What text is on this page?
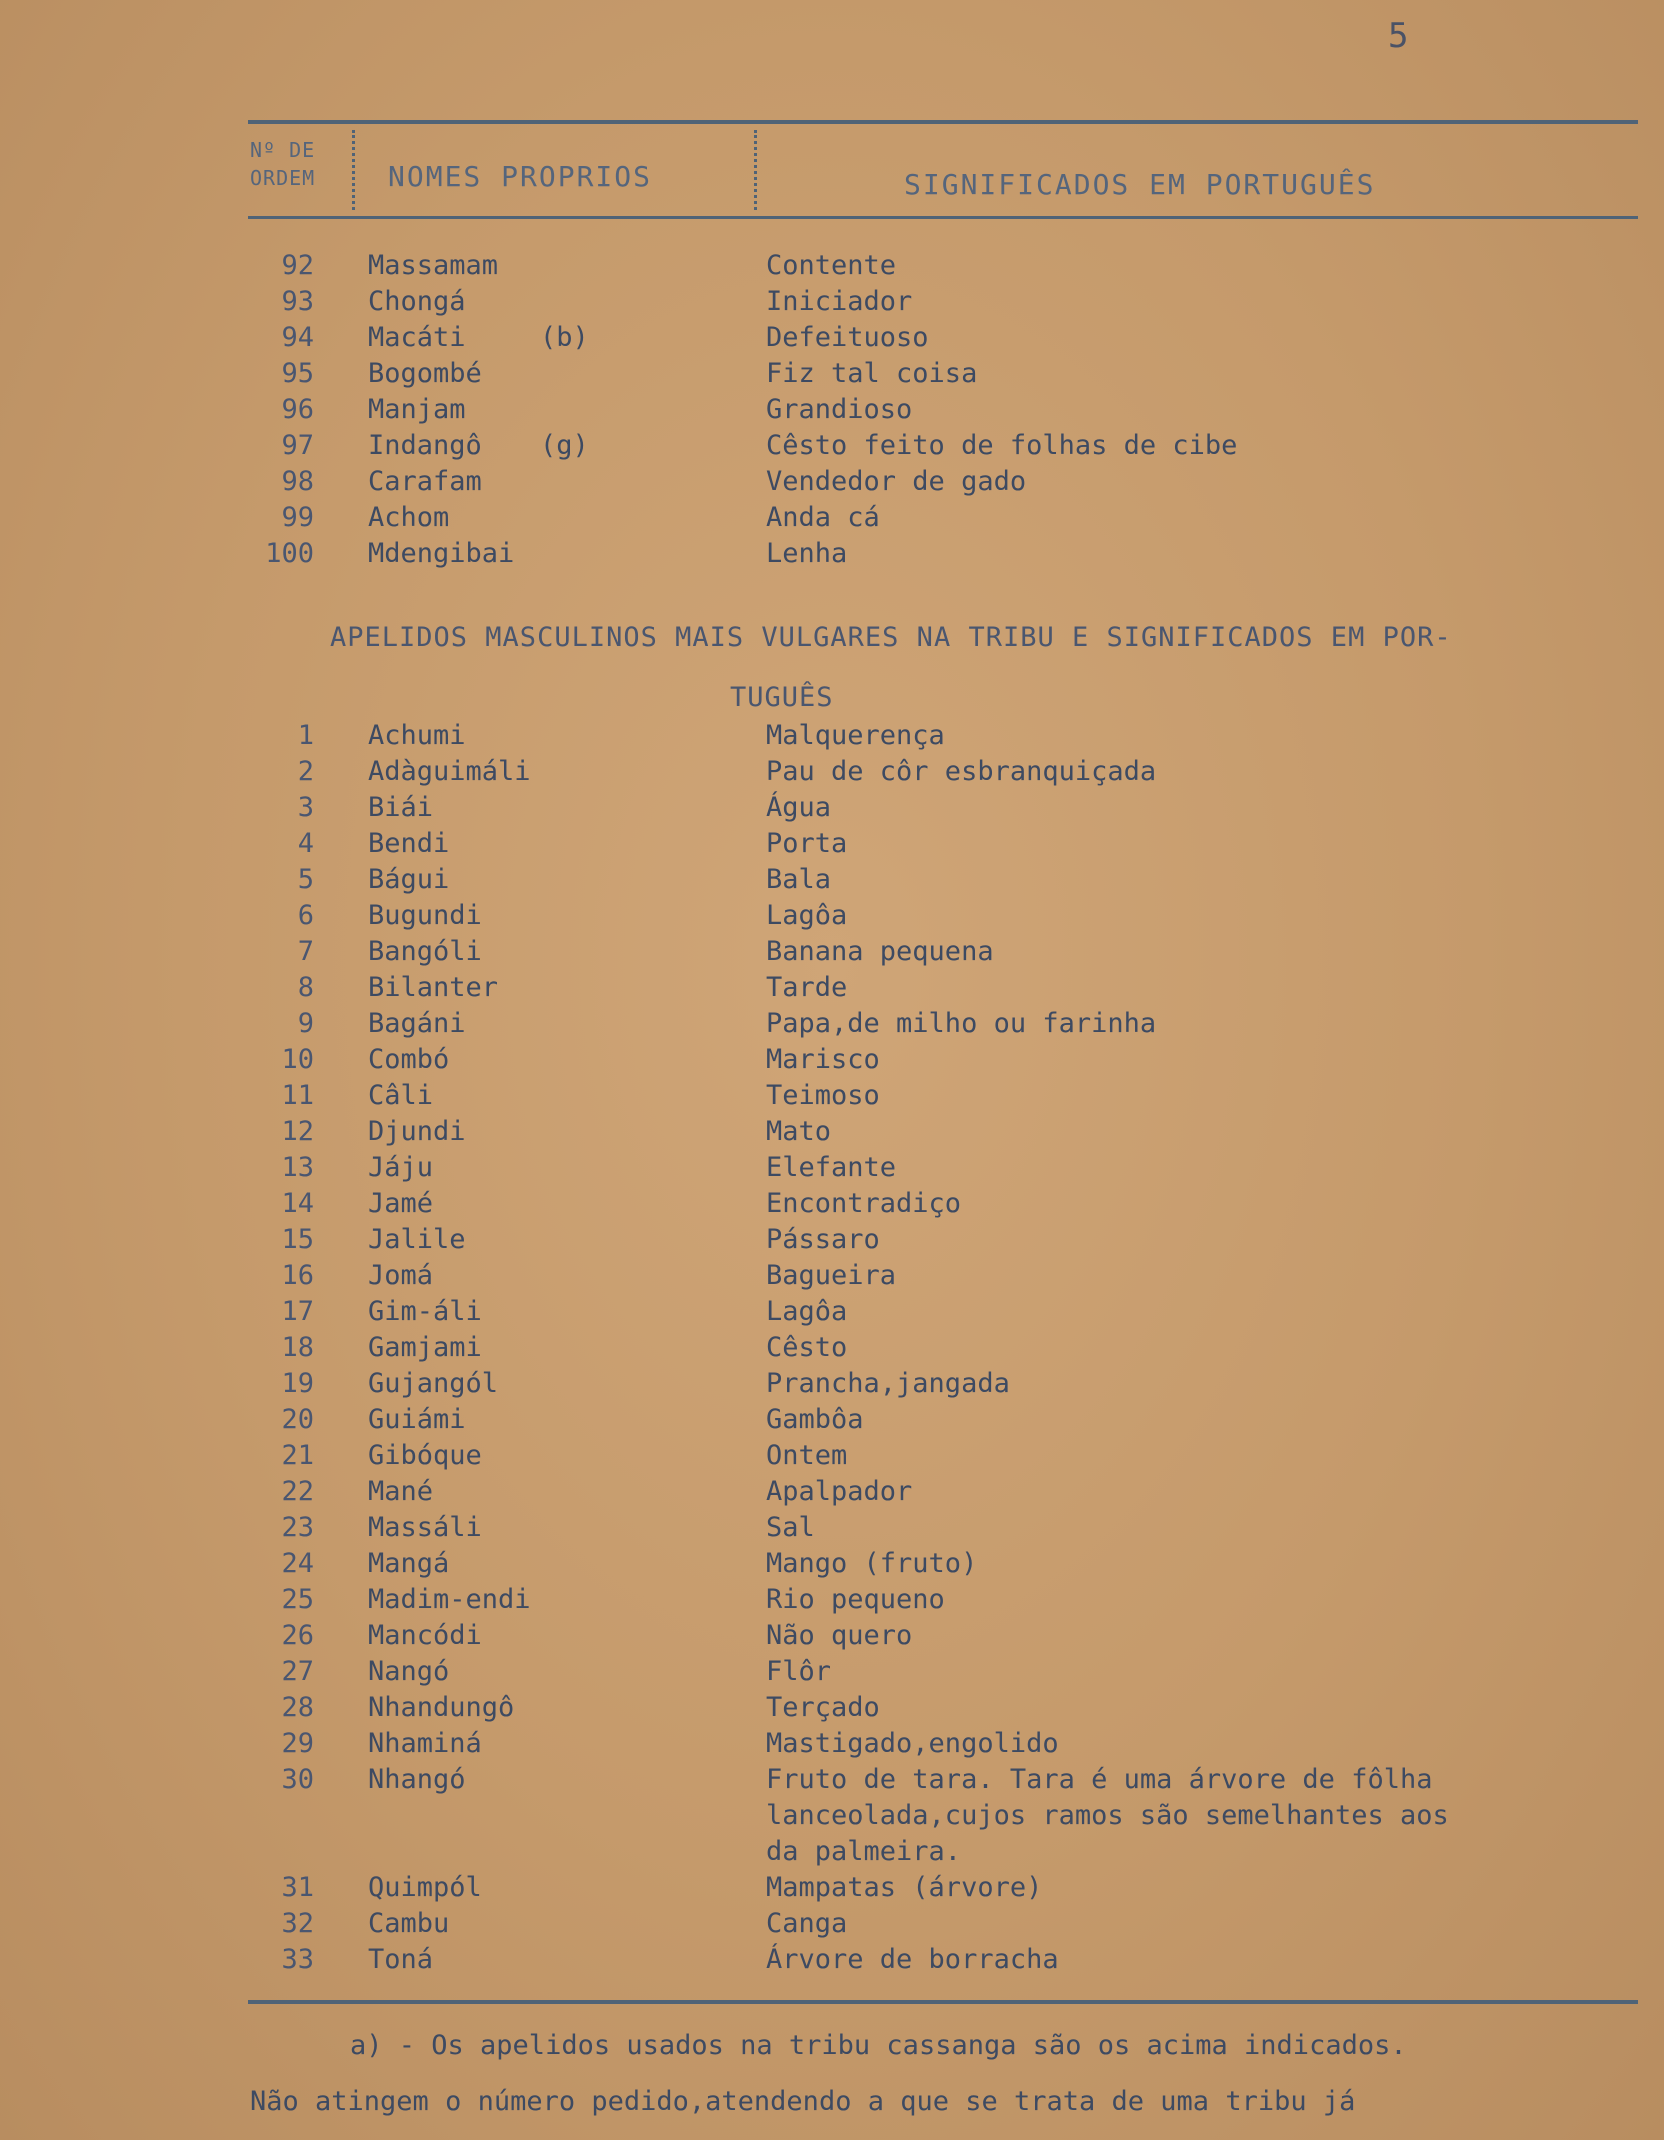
5
Nº DE
ORDEM	NOMES PROPRIOS	SIGNIFICADOS EM PORTUGUÊS
92 Massamam	Contente
93 Chongá	Iniciador
94 Macáti	(b)	Defeituoso
95 Bogombé	Fiz tal coisa
96 Manjam	Grandioso
97 Indangô (g)	Cêsto feito de folhas de cibe
98 Carafam	Vendedor de gado
99 Achom	Anda cá
100 Mdengibai	Lenha
APELIDOS MASCULINOS MAIS VULGARES NA TRIBU E SIGNIFICADOS EM POR-
TUGUÊS
1 Achumi	Malquerença
2 Adàguimáli	Pau de côr esbranquiçada
3 Biái	Água
4 Bendi	Porta
5 Bágui	Bala
6 Bugundi	Lagôa
7 Bangóli	Banana pequena
8 Bilanter	Tarde
9 Bagáni	Papa,de milho ou farinha
10 Combó	Marisco
11 Câli	Teimoso
12 Djundi	Mato
13 Jáju	Elefante
14 Jamé	Encontradiço
15 Jalile	Pássaro
16 Jomá	Bagueira
17 Gim-áli	Lagôa
18 Gamjami	Cêsto
19 Gujangól	Prancha,jangada
20 Guiámi	Gambôa
21 Gibóque	Ontem
22 Mané	Apalpador
23 Massáli	Sal
24 Mangá	Mango (fruto)
25 Madim-endi	Rio pequeno
26 Mancódi	Não quero
27 Nangó	Flôr
28 Nhandungô	Terçado
29 Nhaminá	Mastigado,engolido
30 Nhangó	Fruto de tara. Tara é uma árvore de fôlha
lanceolada,cujos ramos são semelhantes aos
da palmeira.
31 Quimpól	Mampatas (árvore)
32 Cambu	Canga
33 Toná	Árvore de borracha
a) - Os apelidos usados na tribu cassanga são os acima indicados.
Não atingem o número pedido,atendendo a que se trata de uma tribu já
